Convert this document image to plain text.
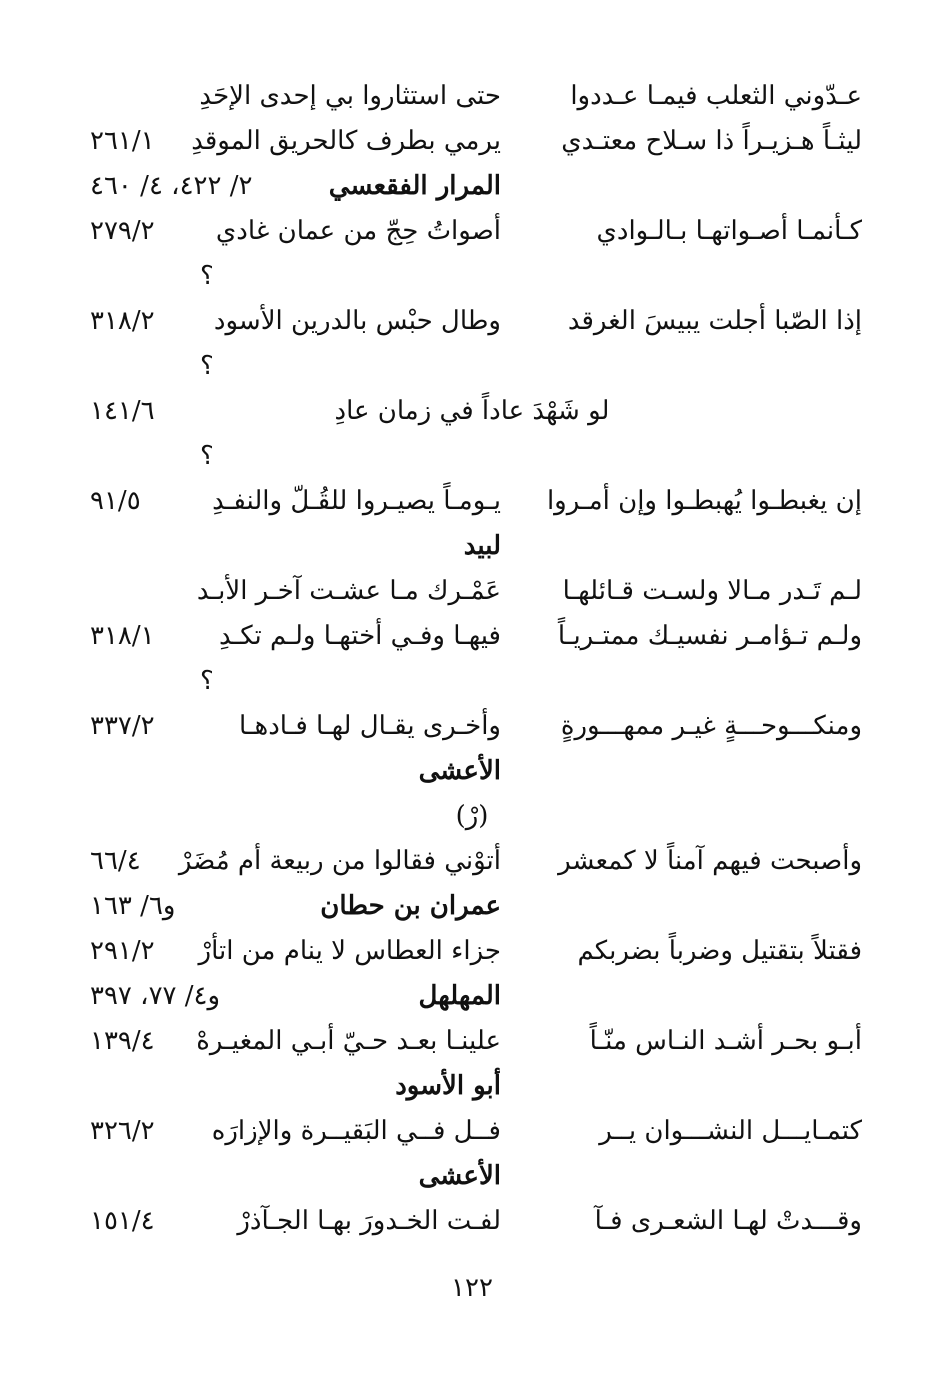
عـدّوني الثعلب فيمـا عـددوا
حتى استثاروا بي إحدى الإحَدِ
ليثـاً هـزيـراً ذا سـلاح معتـدي
يرمي بطرف كالحريق الموقدِ
٢٦١/١
المرار الفقعسي
٢/ ٤٢٢، ٤/ ٤٦٠
كـأنمـا أصـواتهـا بـالـوادي
أصواتُ حِجّ من عمان غادي
٢٧٩/٢
؟
إذا الصّبا أجلت يبيسَ الغرقد
وطال حبْس بالدرين الأسود
٣١٨/٢
؟
لو شَهْدَ عاداً في زمان عادِ
١٤١/٦
؟
إن يغبطـوا يُهبطـوا وإن أمـروا
يـومـاً يصيـروا للقُـلّ والنفـدِ
٩١/٥
لبيد
لـم تَـدر مـالا ولسـت قـائلهـا
عَمْـرك مـا عشـت آخـر الأبـد
ولـم تـؤامـر نفسيـك ممتـريـاً
فيهـا وفـي أختهـا ولـم تكـدِ
٣١٨/١
؟
ومنكـــوحـــةٍ غيـر ممهـــورةٍ
وأخـرى يقـال لهـا فـادهـا
٣٣٧/٢
الأعشى
(رْ)
وأصبحت فيهم آمناً لا كمعشر
أتوْني فقالوا من ربيعة أم مُضَرْ
٦٦/٤
عمران بن حطان
و٦/ ١٦٣
فقتلاً بتقتيل وضرباً بضربكم
جزاء العطاس لا ينام من اتأرْ
٢٩١/٢
المهلهل
و٤/ ٧٧، ٣٩٧
أبـو بحـر أشـد النـاس منّـاً
علينـا بعـد حـيّ أبـي المغيـرهْ
١٣٩/٤
أبو الأسود
كتمـايـــل النشـــوان يــر
فــل فــي البَقيــرة والإزارَه
٣٢٦/٢
الأعشى
وقـــدتْ لهـا الشعـرى فـآ
لفـت الخـدورَ بهـا الجـآذرْ
١٥١/٤
١٢٢
